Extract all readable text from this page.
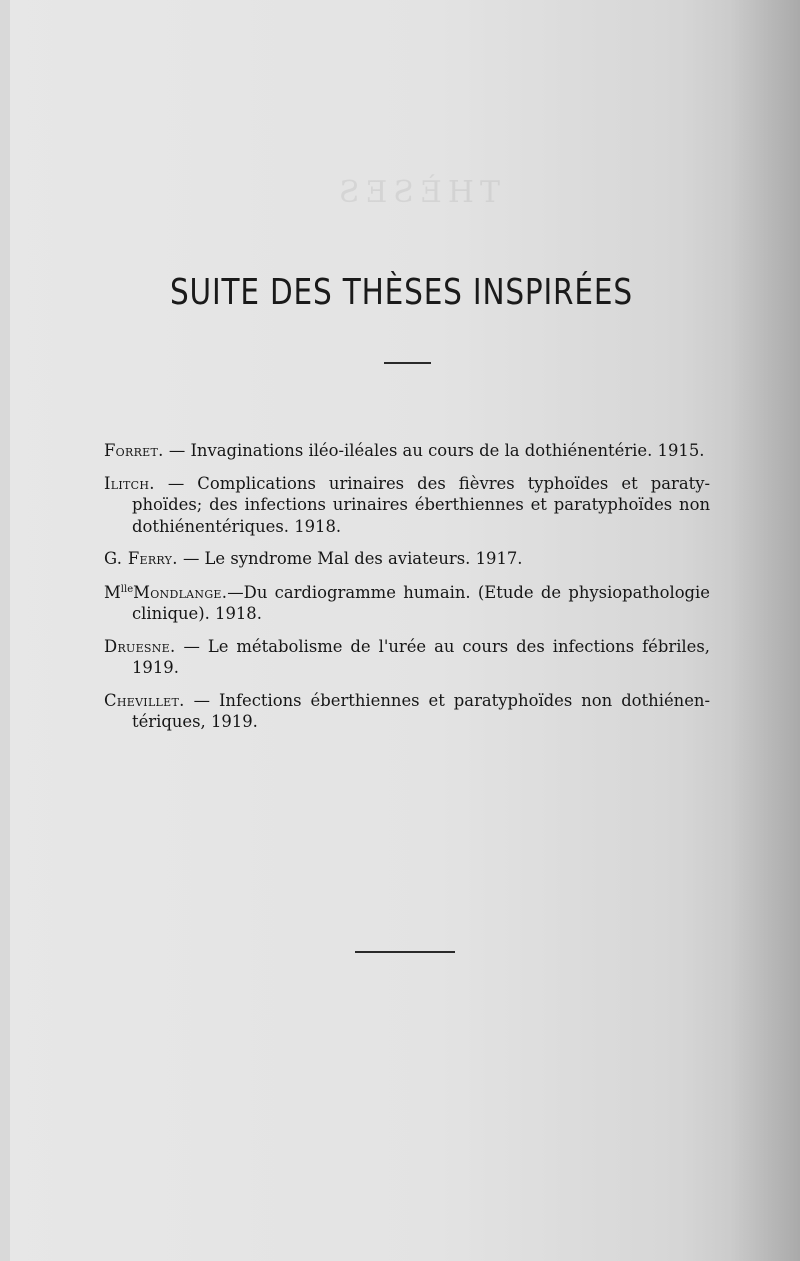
THÈSES
SUITE DES THÈSES INSPIRÉES

Forret. — Invaginations iléo-iléales au cours de la dothiénentérie. 1915.

Ilitch. — Complications urinaires des fièvres typhoïdes et paraty-phoïdes; des infections urinaires éberthiennes et paratyphoïdes non dothiénentériques. 1918.

G. Ferry. — Le syndrome Mal des aviateurs. 1917.

$M^{lle}Mondlange.—Du$ cardiogramme humain. (Etude de physiopathologie clinique). 1918.

Druesne. — Le métabolisme de l'urée au cours des infections fébriles, 1919.

Chevillet. — Infections éberthiennes et paratyphoïdes non dothiénen-tériques, 1919.
